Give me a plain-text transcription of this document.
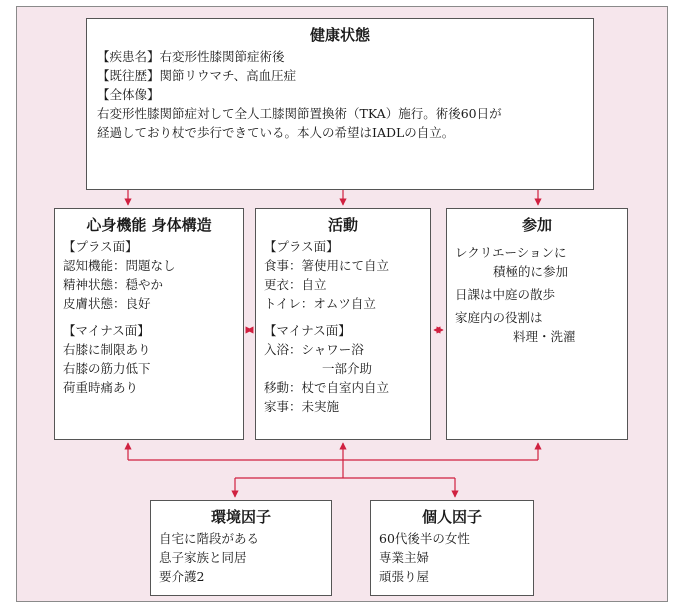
健康状態
【疾患名】右変形性膝関節症術後
【既往歴】関節リウマチ、高血圧症
【全体像】
右変形性膝関節症対して全人工膝関節置換術（TKA）施行。術後60日が
経過しており杖で歩行できている。本人の希望はIADLの自立。
心身機能 身体構造
【プラス面】
認知機能：問題なし
精神状態：穏やか
皮膚状態：良好
【マイナス面】
右膝に制限あり
右膝の筋力低下
荷重時痛あり
活動
【プラス面】
食事：箸使用にて自立
更衣：自立
トイレ：オムツ自立
【マイナス面】
入浴：シャワー浴
一部介助
移動：杖で自室内自立
家事：未実施
参加
レクリエーションに
積極的に参加
日課は中庭の散歩
家庭内の役割は
料理・洗濯
環境因子
自宅に階段がある
息子家族と同居
要介護2
個人因子
60代後半の女性
専業主婦
頑張り屋
